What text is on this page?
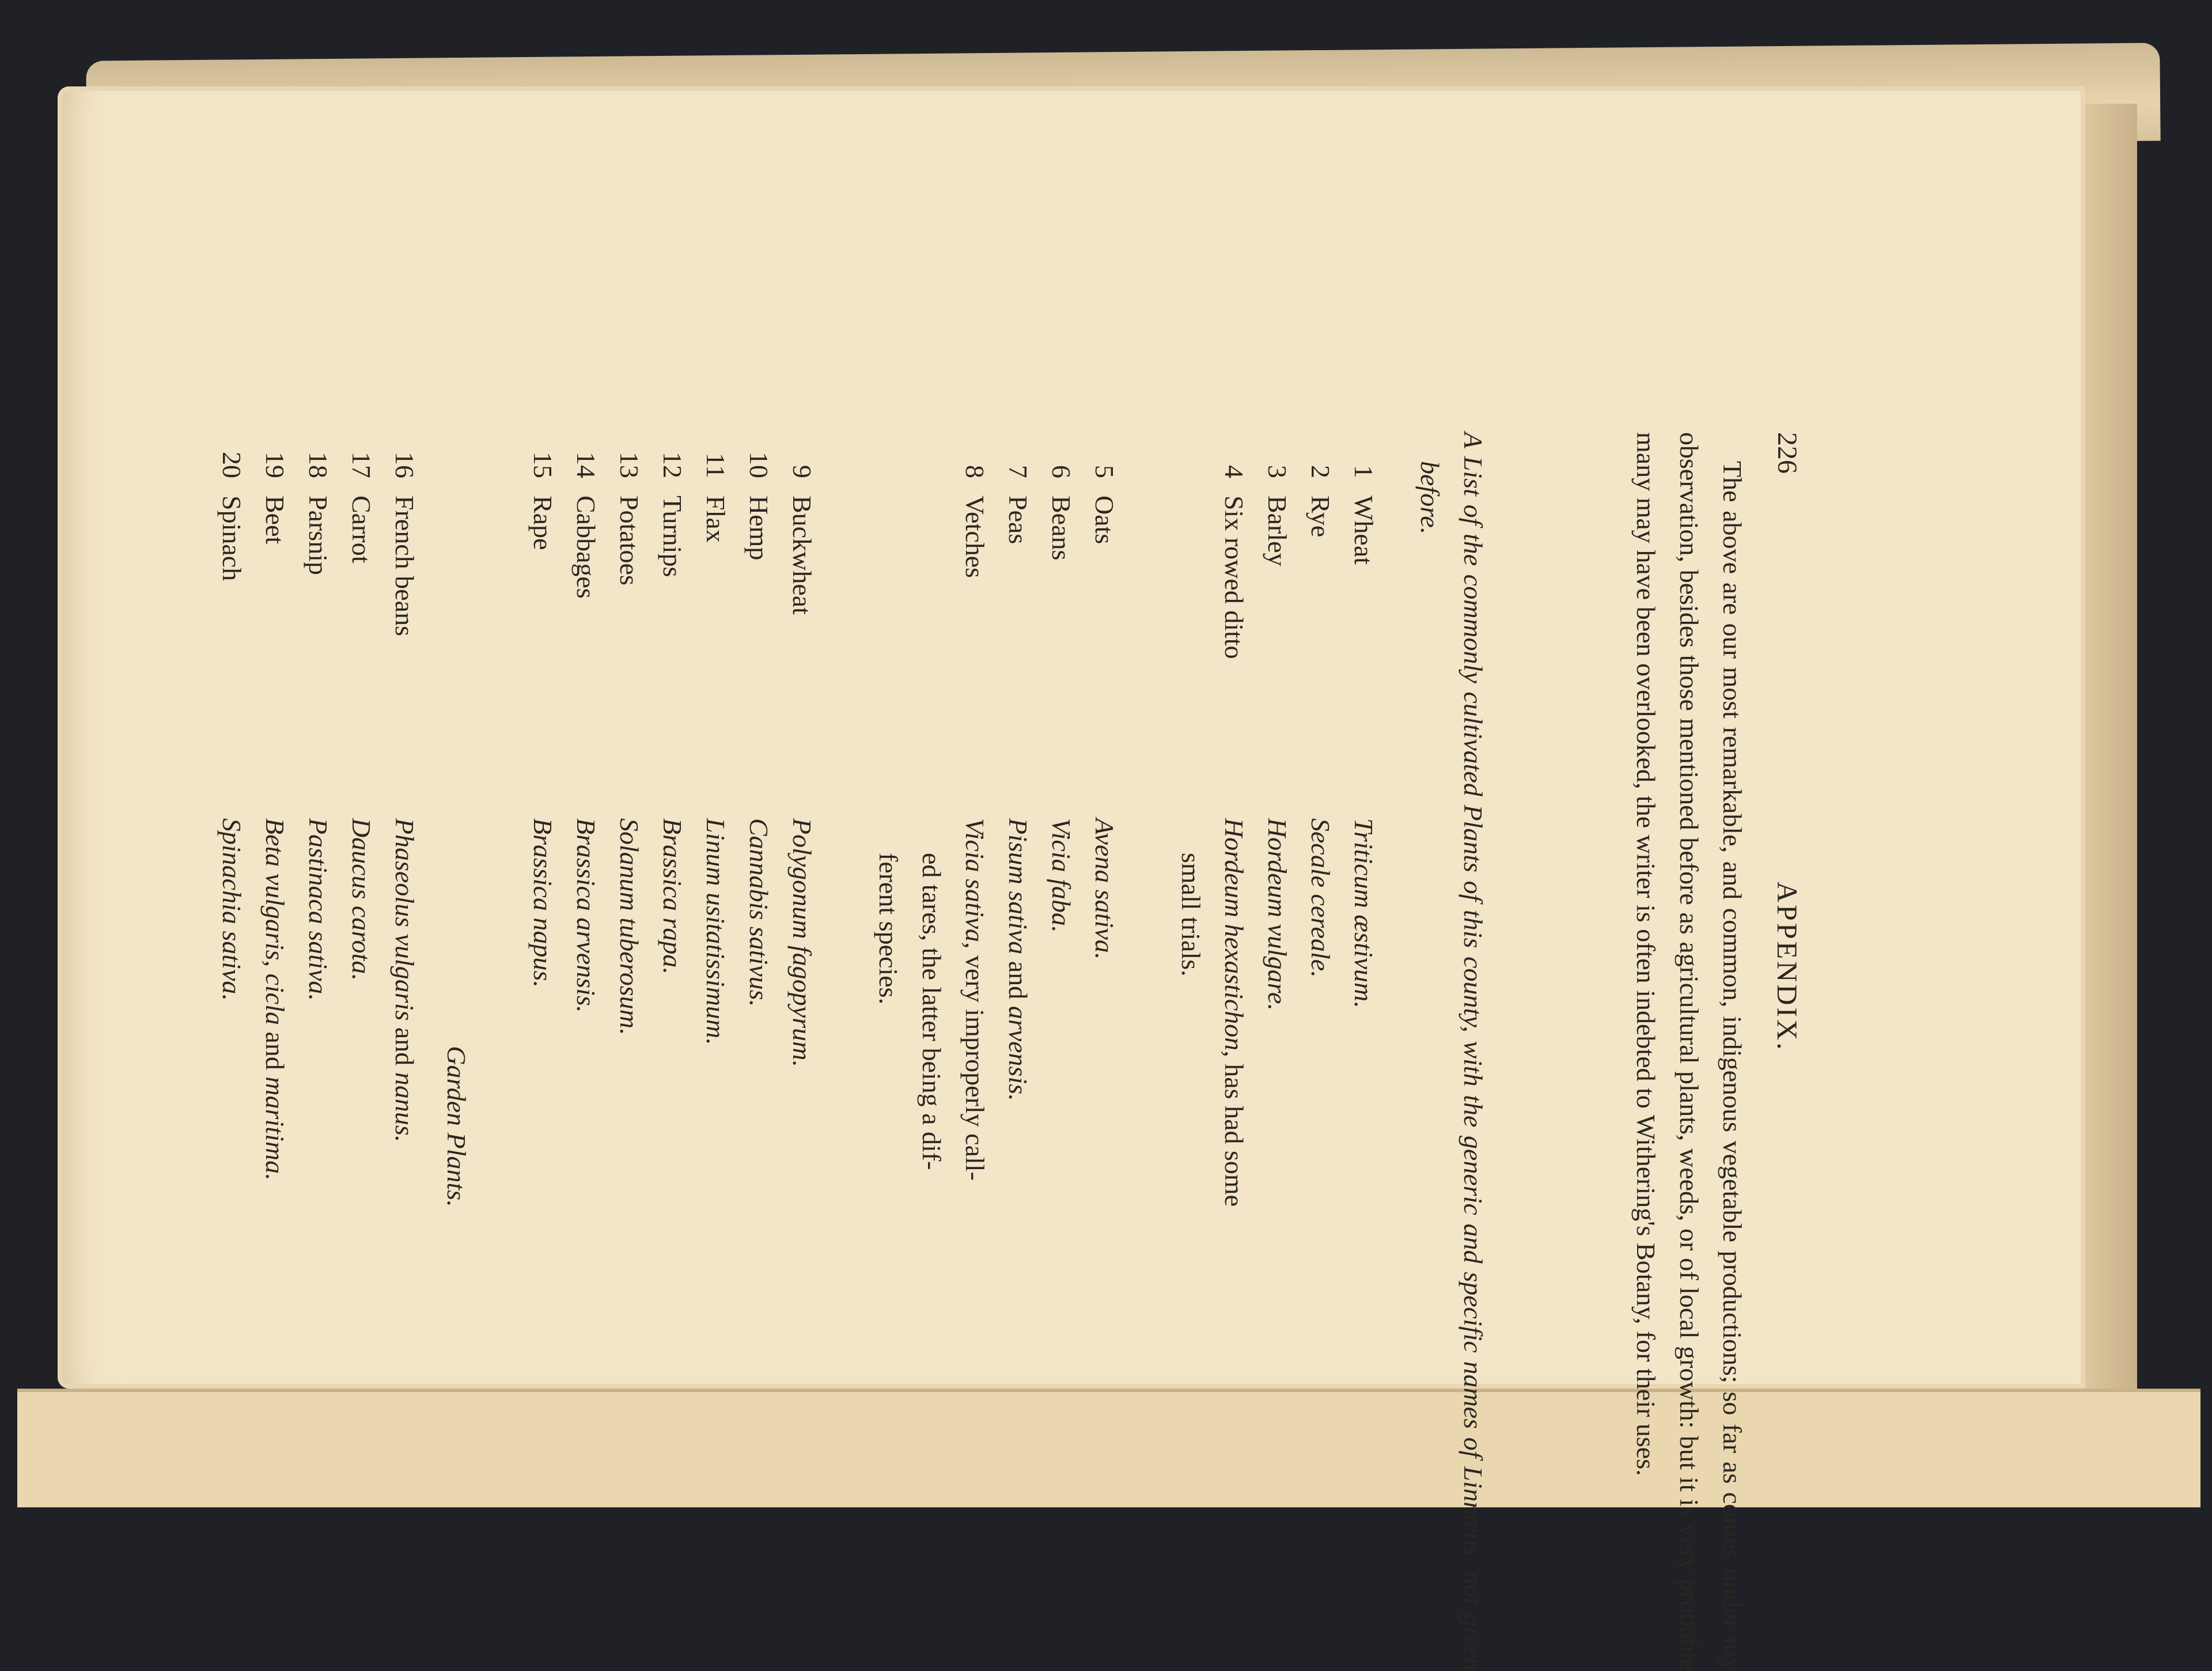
226
APPENDIX.

The above are our most remarkable, and common, indigenous vegetable productions; so far as comes under my observation, besides those mentioned before as agricultural plants, weeds, or of local growth: but it is very probable many may have been overlooked, the writer is often indebted to Withering's Botany, for their uses.

A List of the commonly cultivated Plants of this county, with the generic and specific names of Linnæus, not given before.

1
Wheat
Triticum æstivum.
2
Rye
Secale cereale.
3
Barley
Hordeum vulgare.
4
Six rowed ditto
Hordeum hexastichon, has had some
small trials.
5
Oats
Avena sativa.
6
Beans
Vicia faba.
7
Peas
Pisum sativa and arvensis.
8
Vetches
Vicia sativa, very improperly call-
ed tares, the latter being a dif-
ferent species.
9
Buckwheat
Polygonum fagopyrum.
10
Hemp
Cannabis sativus.
11
Flax
Linum usitatissimum.
12
Turnips
Brassica rapa.
13
Potatoes
Solanum tuberosum.
14
Cabbages
Brassica arvensis.
15
Rape
Brassica napus.
Garden Plants.
16
French beans
Phaseolus vulgaris and nanus.
17
Carrot
Daucus carota.
18
Parsnip
Pastinaca sativa.
19
Beet
Beta vulgaris, cicla and maritima.
20
Spinach
Spinachia sativa.
